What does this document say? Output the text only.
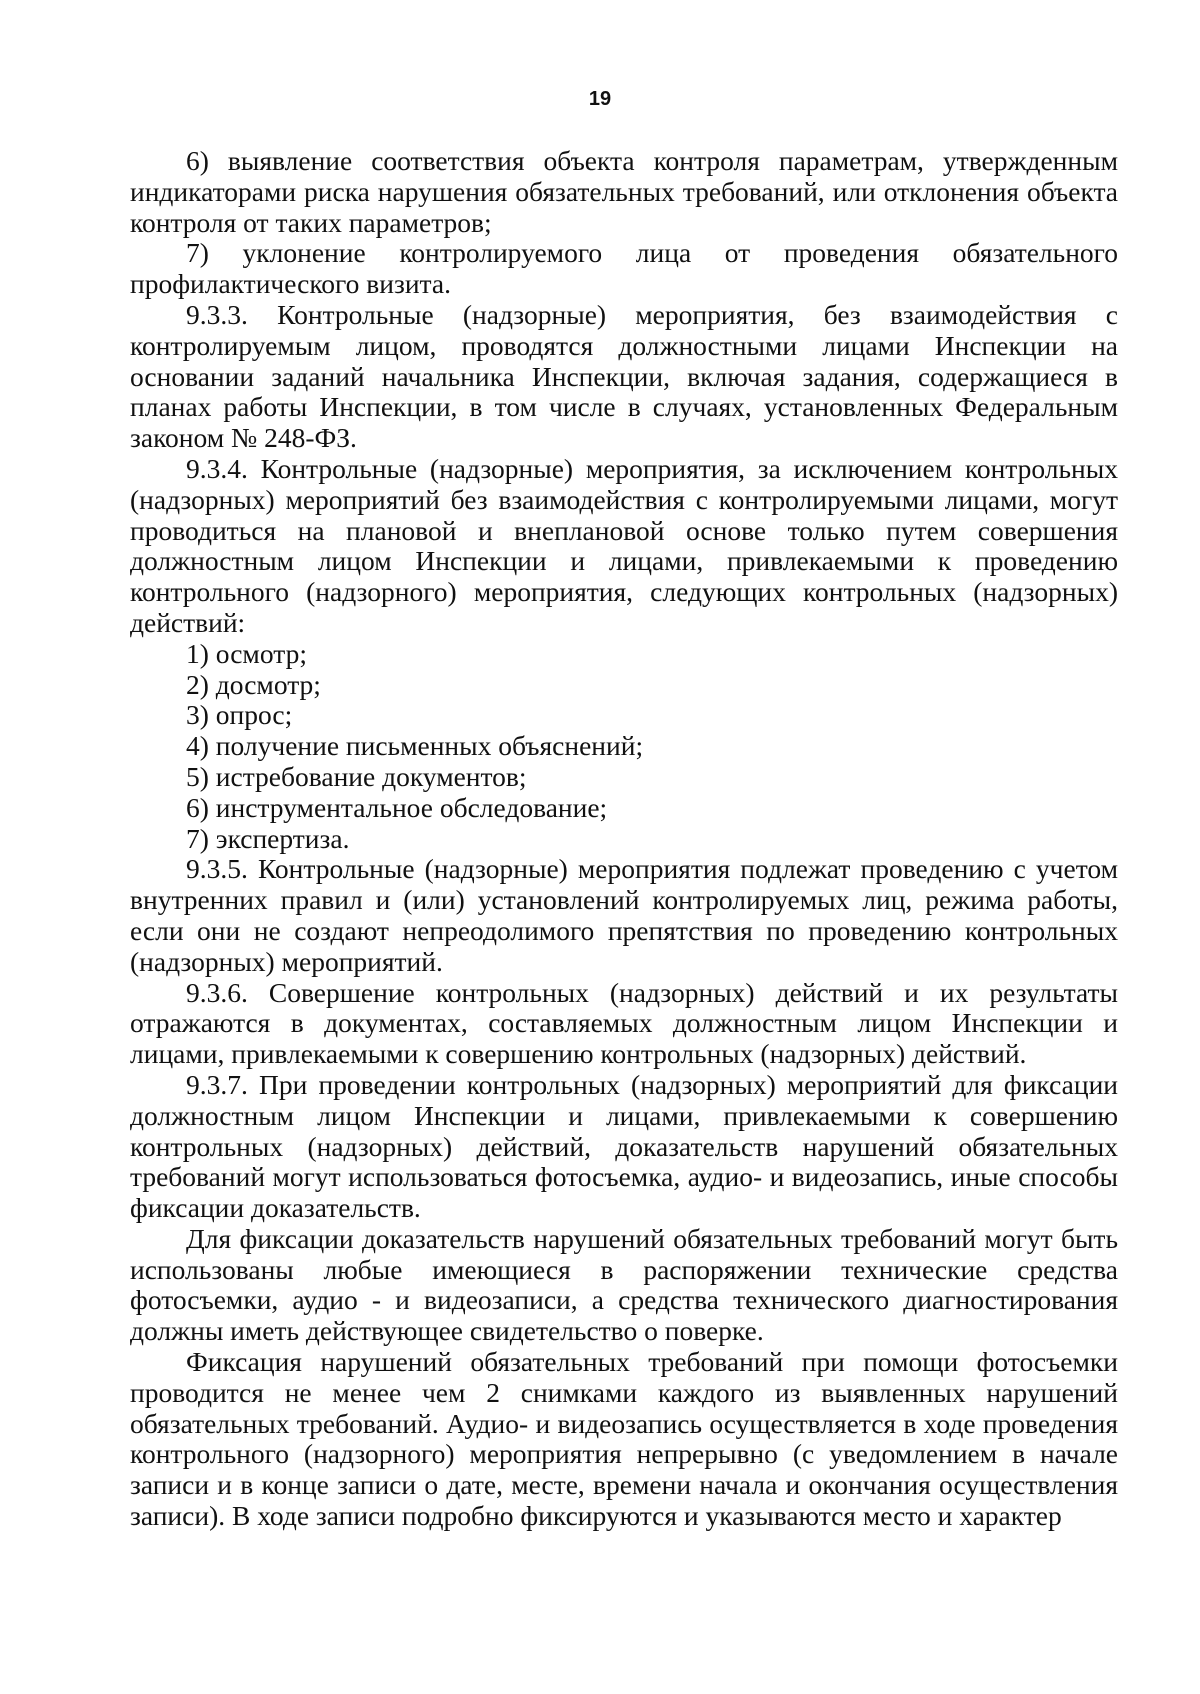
19

6) выявление соответствия объекта контроля параметрам, утвержденным индикаторами риска нарушения обязательных требований, или отклонения объекта контроля от таких параметров;

7) уклонение контролируемого лица от проведения обязательного профилактического визита.

9.3.3. Контрольные (надзорные) мероприятия, без взаимодействия с контролируемым лицом, проводятся должностными лицами Инспекции на основании заданий начальника Инспекции, включая задания, содержащиеся в планах работы Инспекции, в том числе в случаях, установленных Федеральным законом № 248-ФЗ.

9.3.4. Контрольные (надзорные) мероприятия, за исключением контрольных (надзорных) мероприятий без взаимодействия с контролируемыми лицами, могут проводиться на плановой и внеплановой основе только путем совершения должностным лицом Инспекции и лицами, привлекаемыми к проведению контрольного (надзорного) мероприятия, следующих контрольных (надзорных) действий:

1) осмотр;

2) досмотр;

3) опрос;

4) получение письменных объяснений;

5) истребование документов;

6) инструментальное обследование;

7) экспертиза.

9.3.5. Контрольные (надзорные) мероприятия подлежат проведению с учетом внутренних правил и (или) установлений контролируемых лиц, режима работы, если они не создают непреодолимого препятствия по проведению контрольных (надзорных) мероприятий.

9.3.6. Совершение контрольных (надзорных) действий и их результаты отражаются в документах, составляемых должностным лицом Инспекции и лицами, привлекаемыми к совершению контрольных (надзорных) действий.

9.3.7. При проведении контрольных (надзорных) мероприятий для фиксации должностным лицом Инспекции и лицами, привлекаемыми к совершению контрольных (надзорных) действий, доказательств нарушений обязательных требований могут использоваться фотосъемка, аудио- и видеозапись, иные способы фиксации доказательств.

Для фиксации доказательств нарушений обязательных требований могут быть использованы любые имеющиеся в распоряжении технические средства фотосъемки, аудио - и видеозаписи, а средства технического диагностирования должны иметь действующее свидетельство о поверке.

Фиксация нарушений обязательных требований при помощи фотосъемки проводится не менее чем 2 снимками каждого из выявленных нарушений обязательных требований. Аудио- и видеозапись осуществляется в ходе проведения контрольного (надзорного) мероприятия непрерывно (с уведомлением в начале записи и в конце записи о дате, месте, времени начала и окончания осуществления записи). В ходе записи подробно фиксируются и указываются место и характер
